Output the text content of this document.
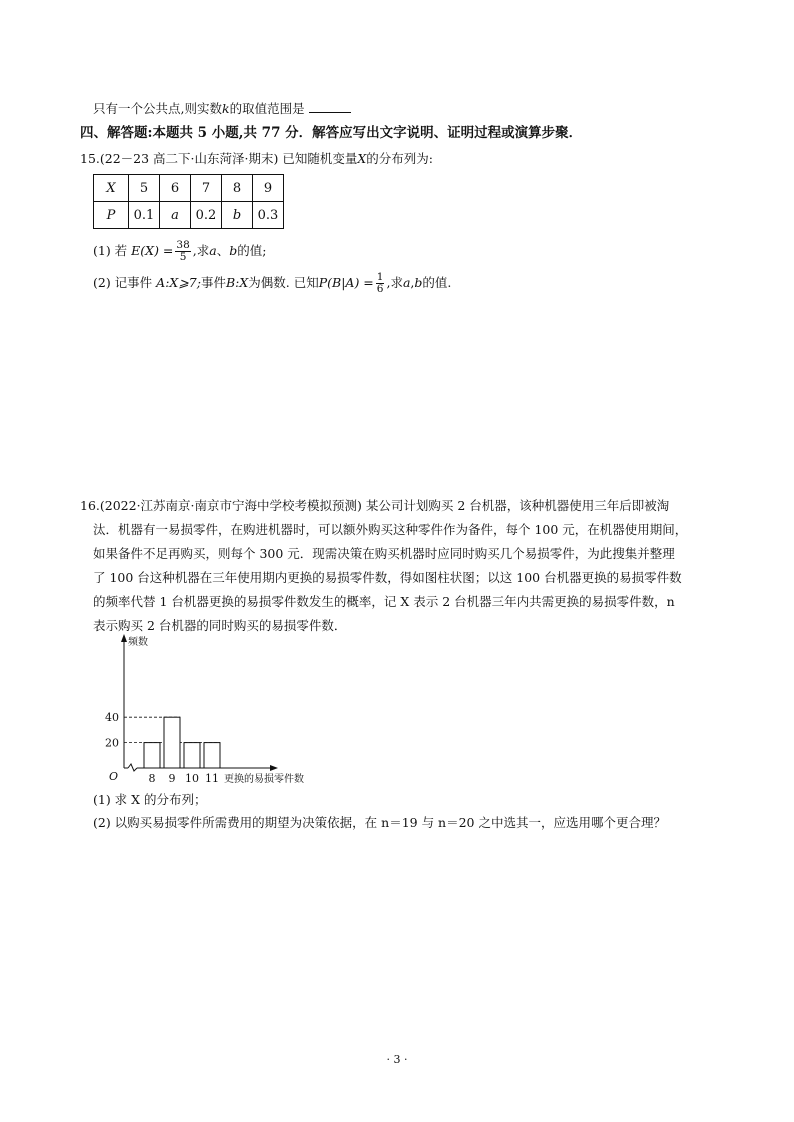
只有一个公共点,则实数k的取值范围是
四、解答题:本题共 5 小题,共 77 分．解答应写出文字说明、证明过程或演算步聚．
15.(22－23 高二下·山东菏泽·期末) 已知随机变量X的分布列为:
X	5	6	7	8	9
P	0.1	a	0.2	b	0.3
(1) 若 $E(X) = \frac{38}{5}$ ,求a、b的值;
(2) 记事件 A:X⩾7;事件B:X为偶数. 已知$P(B|A) = \frac{1}{6}$ ,求a,b的值.
16.(2022·江苏南京·南京市宁海中学校考模拟预测) 某公司计划购买 2 台机器，该种机器使用三年后即被淘
汰．机器有一易损零件，在购进机器时，可以额外购买这种零件作为备件，每个 100 元，在机器使用期间，
如果备件不足再购买，则每个 300 元．现需决策在购买机器时应同时购买几个易损零件，为此搜集并整理
了 100 台这种机器在三年使用期内更换的易损零件数，得如图柱状图；以这 100 台机器更换的易损零件数
的频率代替 1 台机器更换的易损零件数发生的概率，记 X 表示 2 台机器三年内共需更换的易损零件数，n
表示购买 2 台机器的同时购买的易损零件数．
20
40
8 9 10 11
频数
更换的易损零件数
O
(1) 求 X 的分布列；
(2) 以购买易损零件所需费用的期望为决策依据，在 n＝19 与 n＝20 之中选其一，应选用哪个更合理？
· 3 ·
